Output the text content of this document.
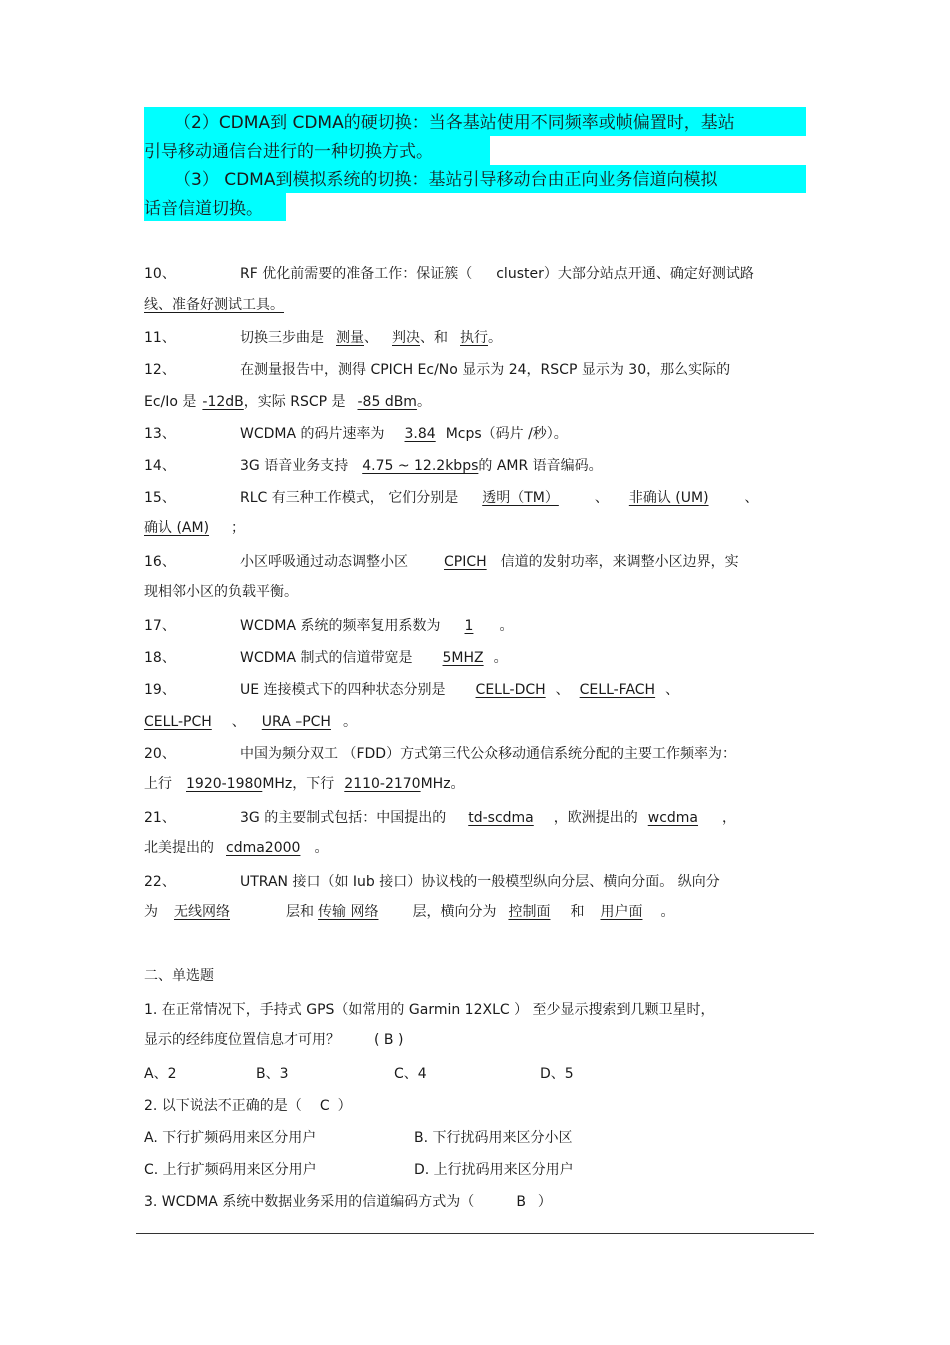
（2）CDMA到 CDMA的硬切换：当各基站使用不同频率或帧偏置时，基站
引导移动通信台进行的一种切换方式。
（3） CDMA到模拟系统的切换：基站引导移动台由正向业务信道向模拟
话音信道切换。
10、	RF 优化前需要的准备工作：保证簇（ cluster）大部分站点开通、确定好测试路
线、准备好测试工具。
11、	切换三步曲是 测量、 判决、和 执行。
12、	在测量报告中，测得 CPICH Ec/No 显示为 24，RSCP 显示为 30，那么实际的
Ec/Io 是 -12dB，实际 RSCP 是 -85 dBm。
13、	WCDMA 的码片速率为 3.84 Mcps（码片 /秒）。
14、	3G 语音业务支持 4.75 ~ 12.2kbps的 AMR 语音编码。
15、	RLC 有三种工作模式， 它们分别是 透明（TM）	、 非确认 (UM)	、
确认 (AM) ；
16、	小区呼吸通过动态调整小区	CPICH 信道的发射功率，来调整小区边界，实
现相邻小区的负载平衡。
17、	WCDMA 系统的频率复用系数为 1 。
18、	WCDMA 制式的信道带宽是 5MHZ 。
19、	UE 连接模式下的四种状态分别是 CELL-DCH 、 CELL-FACH 、
CELL-PCH 、 URA –PCH 。
20、	中国为频分双工 （FDD）方式第三代公众移动通信系统分配的主要工作频率为：
上行 1920-1980MHz，下行 2110-2170MHz。
21、	3G 的主要制式包括：中国提出的 td-scdma ，欧洲提出的 wcdma ，
北美提出的 cdma2000 。
22、	UTRAN 接口（如 Iub 接口）协议栈的一般模型纵向分层、横向分面。 纵向分
为 无线网络	层和 传输 网络 层，横向分为 控制面 和 用户面 。
二、单选题
1. 在正常情况下，手持式 GPS（如常用的 Garmin 12XLC ） 至少显示搜索到几颗卫星时，
显示的经纬度位置信息才可用？ ( B )
A、2	B、3	C、4	D、5
2. 以下说法不正确的是（ C ）
A. 下行扩频码用来区分用户	B. 下行扰码用来区分小区
C. 上行扩频码用来区分用户	D. 上行扰码用来区分用户
3. WCDMA 系统中数据业务采用的信道编码方式为（	B ）
